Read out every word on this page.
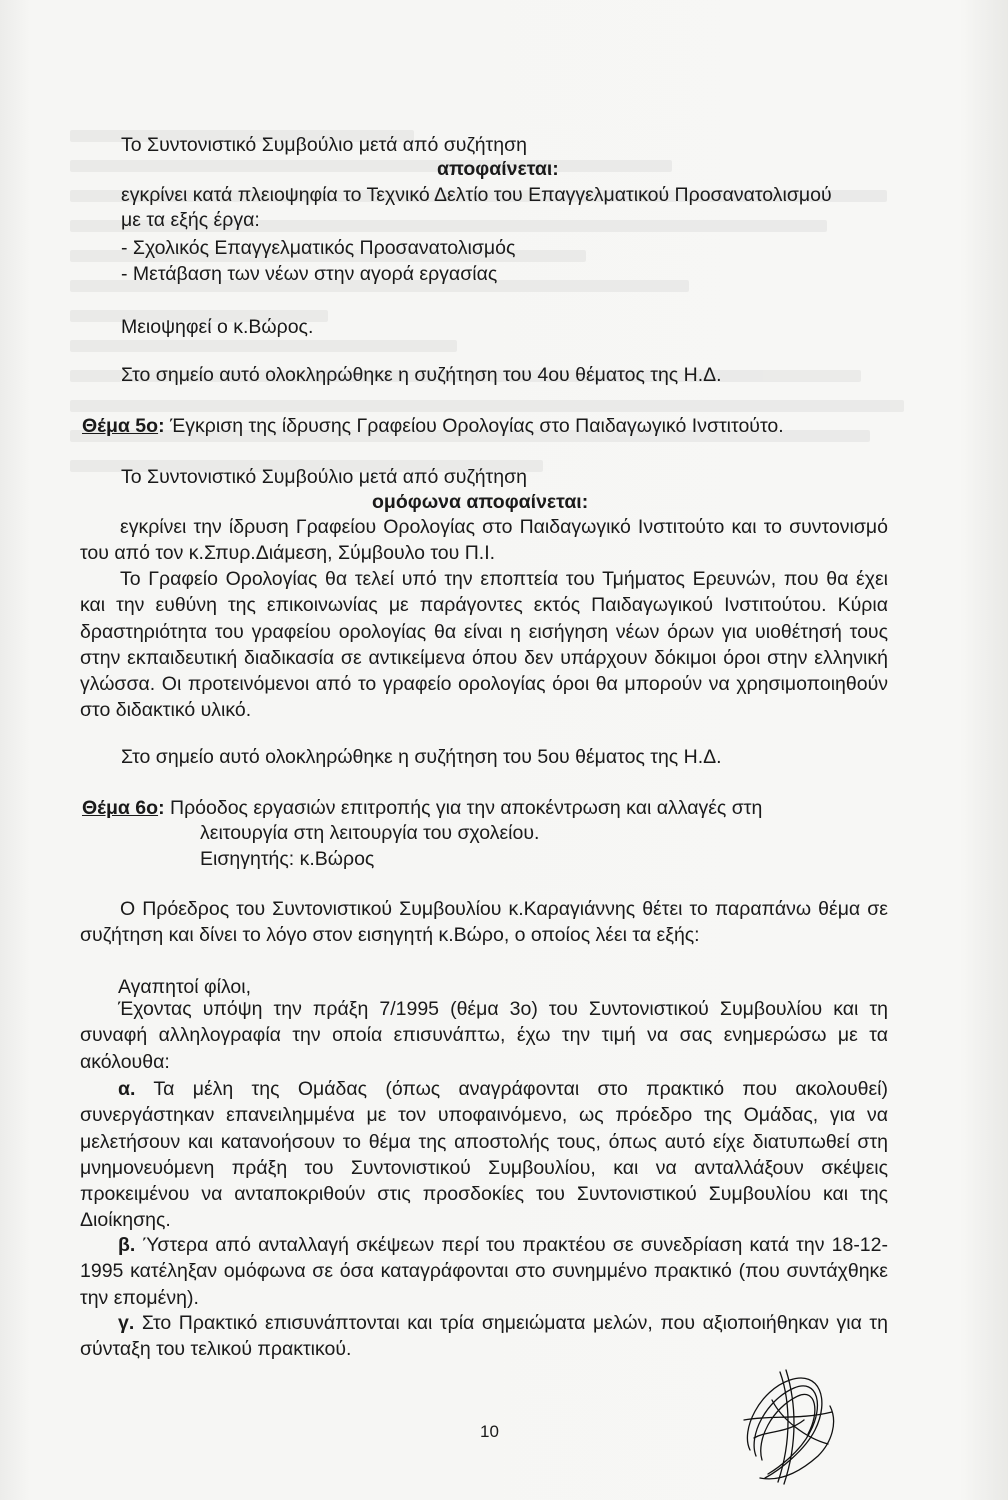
Το Συντονιστικό Συμβούλιο μετά από συζήτηση
αποφαίνεται:
εγκρίνει κατά πλειοψηφία το Τεχνικό Δελτίο του Επαγγελματικού Προσανατολισμού
με τα εξής έργα:
- Σχολικός Επαγγελματικός Προσανατολισμός
- Μετάβαση των νέων στην αγορά εργασίας
Μειοψηφεί ο κ.Βώρος.
Στο σημείο αυτό ολοκληρώθηκε η συζήτηση του 4ου θέματος της Η.Δ.
Θέμα 5ο: Έγκριση της ίδρυσης Γραφείου Ορολογίας στο Παιδαγωγικό Ινστιτούτο.
Το Συντονιστικό Συμβούλιο μετά από συζήτηση
ομόφωνα αποφαίνεται:
εγκρίνει την ίδρυση Γραφείου Ορολογίας στο Παιδαγωγικό Ινστιτούτο και το συντονισμό του από τον κ.Σπυρ.Διάμεση, Σύμβουλο του Π.Ι.
Το Γραφείο Ορολογίας θα τελεί υπό την εποπτεία του Τμήματος Ερευνών, που θα έχει και την ευθύνη της επικοινωνίας με παράγοντες εκτός Παιδαγωγικού Ινστιτούτου. Κύρια δραστηριότητα του γραφείου ορολογίας θα είναι η εισήγηση νέων όρων για υιοθέτησή τους στην εκπαιδευτική διαδικασία σε αντικείμενα όπου δεν υπάρχουν δόκιμοι όροι στην ελληνική γλώσσα. Οι προτεινόμενοι από το γραφείο ορολογίας όροι θα μπορούν να χρησιμοποιηθούν στο διδακτικό υλικό.
Στο σημείο αυτό ολοκληρώθηκε η συζήτηση του 5ου θέματος της Η.Δ.
Θέμα 6ο: Πρόοδος εργασιών επιτροπής για την αποκέντρωση και αλλαγές στη
λειτουργία στη λειτουργία του σχολείου.
Εισηγητής: κ.Βώρος
Ο Πρόεδρος του Συντονιστικού Συμβουλίου κ.Καραγιάννης θέτει το παραπάνω θέμα σε συζήτηση και δίνει το λόγο στον εισηγητή κ.Βώρο, ο οποίος λέει τα εξής:
Αγαπητοί φίλοι,
Έχοντας υπόψη την πράξη 7/1995 (θέμα 3ο) του Συντονιστικού Συμβουλίου και τη συναφή αλληλογραφία την οποία επισυνάπτω, έχω την τιμή να σας ενημερώσω με τα ακόλουθα:
α. Τα μέλη της Ομάδας (όπως αναγράφονται στο πρακτικό που ακολουθεί) συνεργάστηκαν επανειλημμένα με τον υποφαινόμενο, ως πρόεδρο της Ομάδας, για να μελετήσουν και κατανοήσουν το θέμα της αποστολής τους, όπως αυτό είχε διατυπωθεί στη μνημονευόμενη πράξη του Συντονιστικού Συμβουλίου, και να ανταλλάξουν σκέψεις προκειμένου να ανταποκριθούν στις προσδοκίες του Συντονιστικού Συμβουλίου και της Διοίκησης.
β. Ύστερα από ανταλλαγή σκέψεων περί του πρακτέου σε συνεδρίαση κατά την 18-12-1995 κατέληξαν ομόφωνα σε όσα καταγράφονται στο συνημμένο πρακτικό (που συντάχθηκε την επομένη).
γ. Στο Πρακτικό επισυνάπτονται και τρία σημειώματα μελών, που αξιοποιήθηκαν για τη σύνταξη του τελικού πρακτικού.
10
